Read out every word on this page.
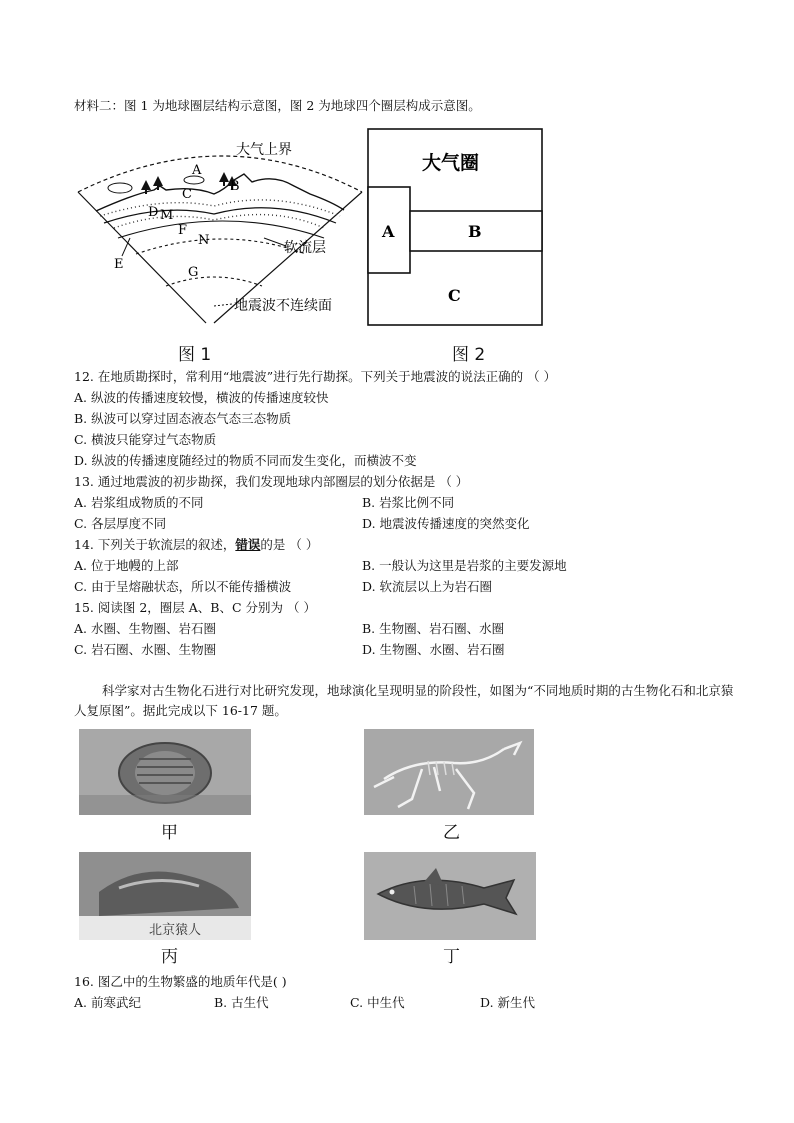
材料二：图 1 为地球圈层结构示意图，图 2 为地球四个圈层构成示意图。
大气上界
A
B
C
D M
F
N
E
G
软流层
地震波不连续面
图 1
大气圈
A	B
C
图 2
12. 在地质勘探时，常利用“地震波”进行先行勘探。下列关于地震波的说法正确的 （ ）
A. 纵波的传播速度较慢，横波的传播速度较快
B. 纵波可以穿过固态液态气态三态物质
C. 横波只能穿过气态物质
D. 纵波的传播速度随经过的物质不同而发生变化，而横波不变
13. 通过地震波的初步勘探，我们发现地球内部圈层的划分依据是 （ ）
A. 岩浆组成物质的不同	B. 岩浆比例不同
C. 各层厚度不同	D. 地震波传播速度的突然变化
14. 下列关于软流层的叙述，错误的是 （ ）
A. 位于地幔的上部	B. 一般认为这里是岩浆的主要发源地
C. 由于呈熔融状态，所以不能传播横波	D. 软流层以上为岩石圈
15. 阅读图 2，圈层 A、B、C 分别为 （ ）
A. 水圈、生物圈、岩石圈	B. 生物圈、岩石圈、水圈
C. 岩石圈、水圈、生物圈	D. 生物圈、水圈、岩石圈
科学家对古生物化石进行对比研究发现，地球演化呈现明显的阶段性，如图为“不同地质时期的古生物化石和北京猿人复原图”。据此完成以下 16-17 题。
甲	乙
北京猿人
丙	丁
16. 图乙中的生物繁盛的地质年代是( )
A. 前寒武纪	B. 古生代	C. 中生代	D. 新生代
